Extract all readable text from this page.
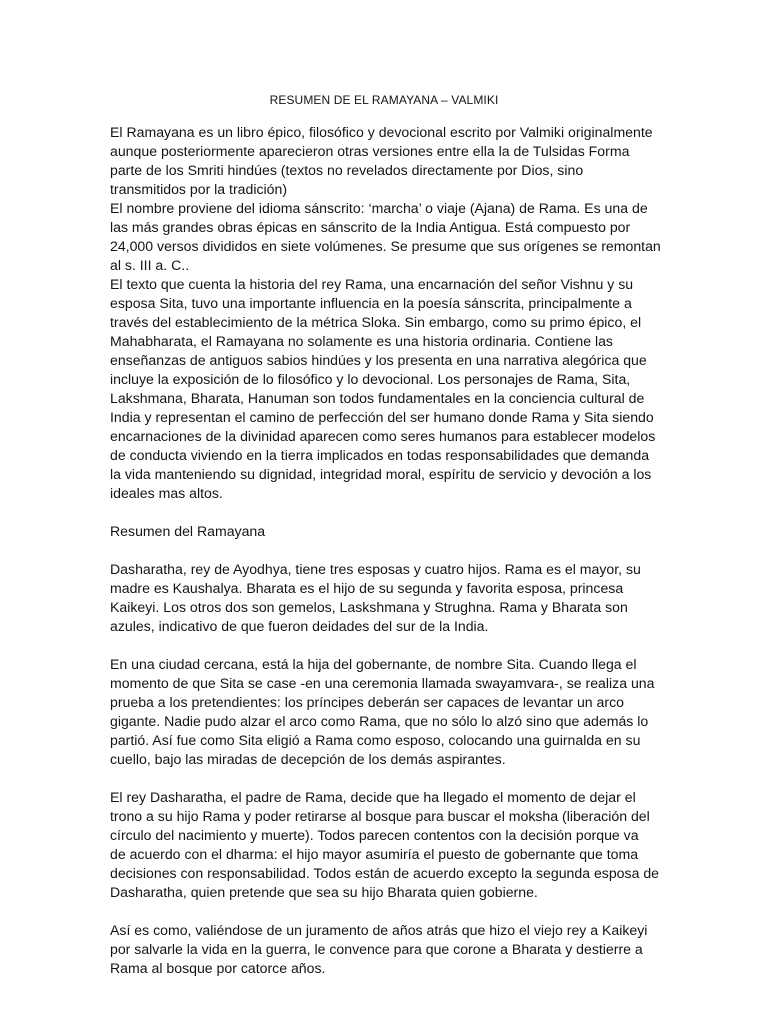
RESUMEN DE EL RAMAYANA – VALMIKI

El Ramayana es un libro épico, filosófico y devocional escrito por Valmiki originalmente
aunque posteriormente aparecieron otras versiones entre ella la de Tulsidas Forma
parte de los Smriti hindúes (textos no revelados directamente por Dios, sino
transmitidos por la tradición)

El nombre proviene del idioma sánscrito: ‘marcha’ o viaje (Ajana) de Rama. Es una de
las más grandes obras épicas en sánscrito de la India Antigua. Está compuesto por
24,000 versos divididos en siete volúmenes. Se presume que sus orígenes se remontan
al s. III a. C..

El texto que cuenta la historia del rey Rama, una encarnación del señor Vishnu y su
esposa Sita, tuvo una importante influencia en la poesía sánscrita, principalmente a
través del establecimiento de la métrica Sloka. Sin embargo, como su primo épico, el
Mahabharata, el Ramayana no solamente es una historia ordinaria. Contiene las
enseñanzas de antiguos sabios hindúes y los presenta en una narrativa alegórica que
incluye la exposición de lo filosófico y lo devocional. Los personajes de Rama, Sita,
Lakshmana, Bharata, Hanuman son todos fundamentales en la conciencia cultural de
India y representan el camino de perfección del ser humano donde Rama y Sita siendo
encarnaciones de la divinidad aparecen como seres humanos para establecer modelos
de conducta viviendo en la tierra implicados en todas responsabilidades que demanda
la vida manteniendo su dignidad, integridad moral, espíritu de servicio y devoción a los
ideales mas altos.

Resumen del Ramayana

Dasharatha, rey de Ayodhya, tiene tres esposas y cuatro hijos. Rama es el mayor, su
madre es Kaushalya. Bharata es el hijo de su segunda y favorita esposa, princesa
Kaikeyi. Los otros dos son gemelos, Laskshmana y Strughna. Rama y Bharata son
azules, indicativo de que fueron deidades del sur de la India.

En una ciudad cercana, está la hija del gobernante, de nombre Sita. Cuando llega el
momento de que Sita se case -en una ceremonia llamada swayamvara-, se realiza una
prueba a los pretendientes: los príncipes deberán ser capaces de levantar un arco
gigante. Nadie pudo alzar el arco como Rama, que no sólo lo alzó sino que además lo
partió. Así fue como Sita eligió a Rama como esposo, colocando una guirnalda en su
cuello, bajo las miradas de decepción de los demás aspirantes.

El rey Dasharatha, el padre de Rama, decide que ha llegado el momento de dejar el
trono a su hijo Rama y poder retirarse al bosque para buscar el moksha (liberación del
círculo del nacimiento y muerte). Todos parecen contentos con la decisión porque va
de acuerdo con el dharma: el hijo mayor asumiría el puesto de gobernante que toma
decisiones con responsabilidad. Todos están de acuerdo excepto la segunda esposa de
Dasharatha, quien pretende que sea su hijo Bharata quien gobierne.

Así es como, valiéndose de un juramento de años atrás que hizo el viejo rey a Kaikeyi
por salvarle la vida en la guerra, le convence para que corone a Bharata y destierre a
Rama al bosque por catorce años.
